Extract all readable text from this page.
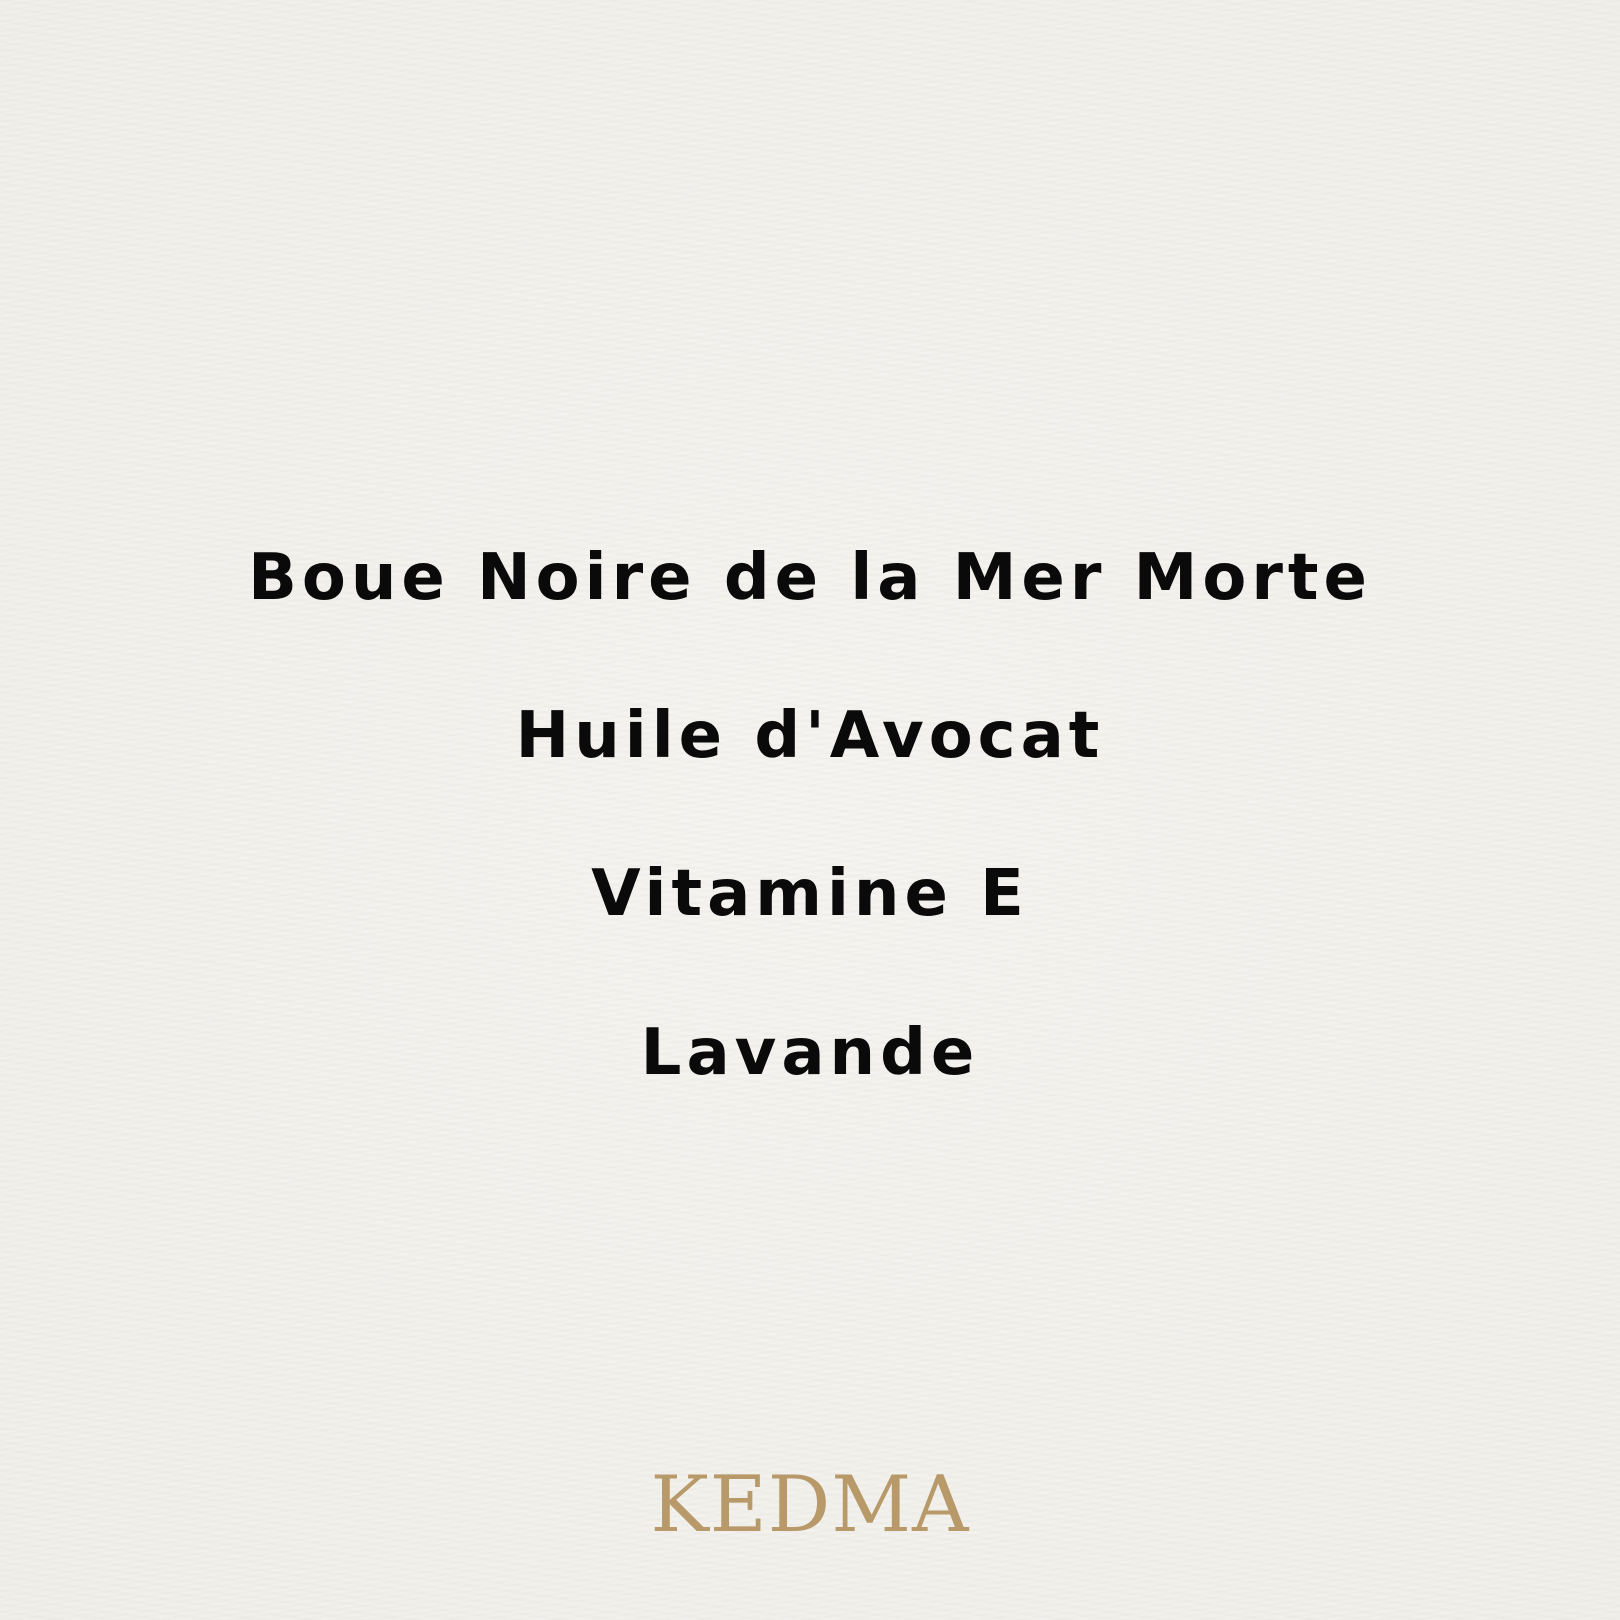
Boue Noire de la Mer Morte
Huile d'Avocat
Vitamine E
Lavande
KEDMA
